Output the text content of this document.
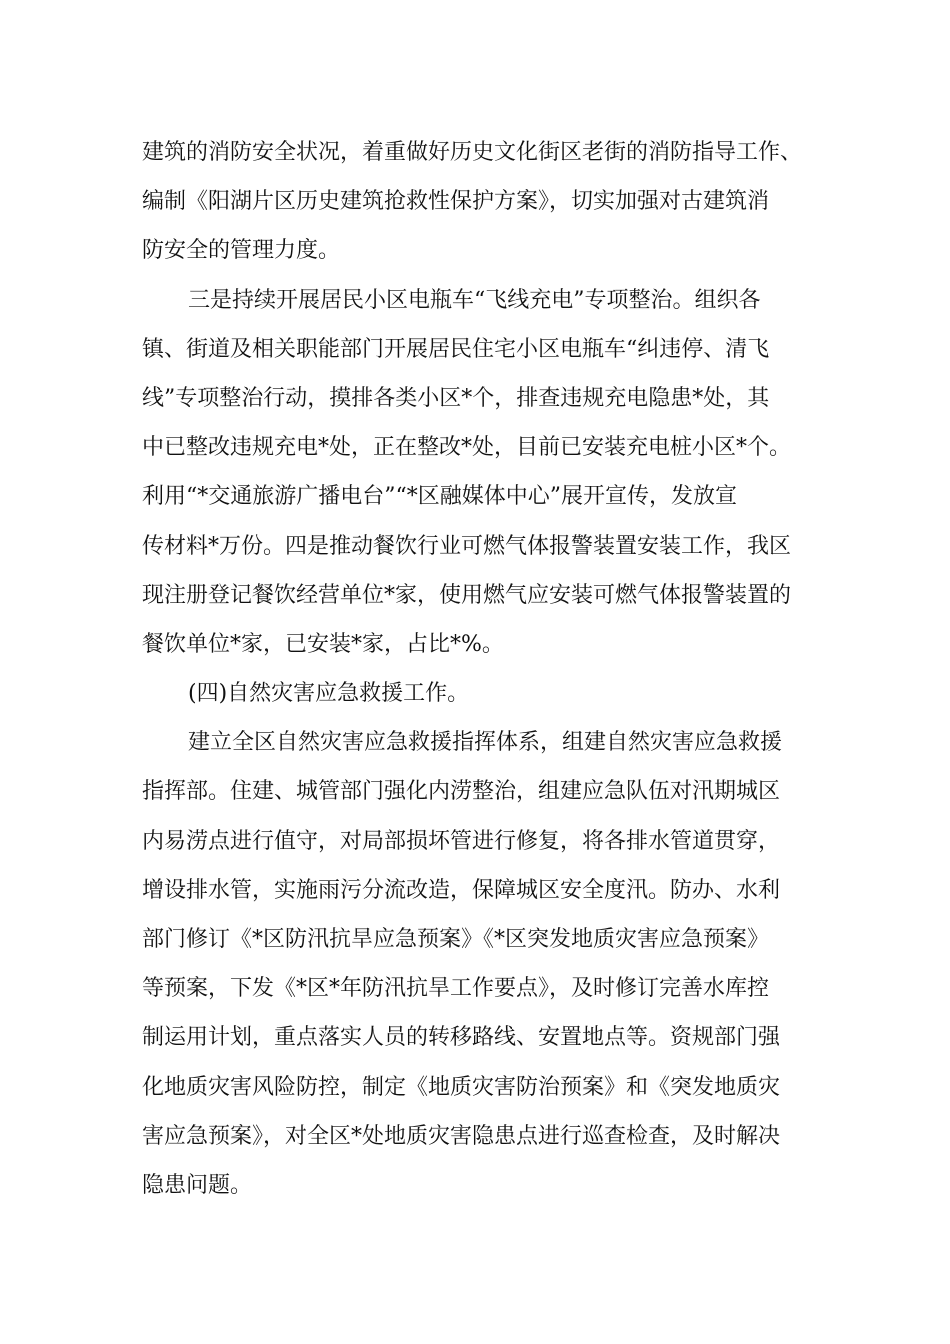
建筑的消防安全状况，着重做好历史文化街区老街的消防指导工作、
编制《阳湖片区历史建筑抢救性保护方案》，切实加强对古建筑消
防安全的管理力度。
三是持续开展居民小区电瓶车“飞线充电”专项整治。组织各
镇、街道及相关职能部门开展居民住宅小区电瓶车“纠违停、清飞
线”专项整治行动，摸排各类小区*个，排查违规充电隐患*处，其
中已整改违规充电*处，正在整改*处，目前已安装充电桩小区*个。
利用“*交通旅游广播电台”“*区融媒体中心”展开宣传，发放宣
传材料*万份。四是推动餐饮行业可燃气体报警装置安装工作，我区
现注册登记餐饮经营单位*家，使用燃气应安装可燃气体报警装置的
餐饮单位*家，已安装*家，占比*%。
(四)自然灾害应急救援工作。
建立全区自然灾害应急救援指挥体系，组建自然灾害应急救援
指挥部。住建、城管部门强化内涝整治，组建应急队伍对汛期城区
内易涝点进行值守，对局部损坏管进行修复，将各排水管道贯穿，
增设排水管，实施雨污分流改造，保障城区安全度汛。防办、水利
部门修订《*区防汛抗旱应急预案》《*区突发地质灾害应急预案》
等预案，下发《*区*年防汛抗旱工作要点》，及时修订完善水库控
制运用计划，重点落实人员的转移路线、安置地点等。资规部门强
化地质灾害风险防控，制定《地质灾害防治预案》和《突发地质灾
害应急预案》，对全区*处地质灾害隐患点进行巡查检查，及时解决
隐患问题。
